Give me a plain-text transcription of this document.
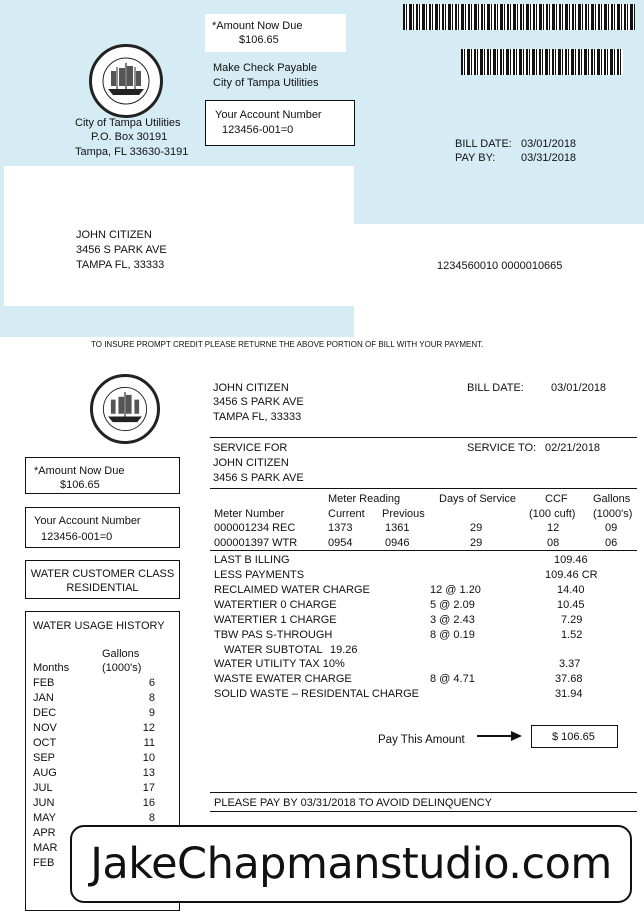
*Amount Now Due
$106.65
Make Check Payable
City of Tampa Utilities
Your Account Number
123456-001=0
City of Tampa Utilities
P.O. Box 30191
Tampa, FL 33630-3191
BILL DATE: 03/01/2018
PAY BY: 03/31/2018
JOHN CITIZEN
3456 S PARK AVE
TAMPA FL, 33333	1234560010 0000010665
TO INSURE PROMPT CREDIT PLEASE RETURNE THE ABOVE PORTION OF BILL WITH YOUR PAYMENT.
JOHN CITIZEN
3456 S PARK AVE
TAMPA FL, 33333
BILL DATE: 03/01/2018
SERVICE FOR
JOHN CITIZEN
3456 S PARK AVE
SERVICE TO: 02/21/2018
Meter Reading	Days of Service	CCF Gallons
Meter Number	Current Previous	(100 cuft) (1000's)
000001234 REC	1373	1361	29	12	09
000001397 WTR	0954	0946	29	08	06
LAST B ILLING	109.46
LESS PAYMENTS	109.46 CR
RECLAIMED WATER CHARGE	12 @ 1.20	14.40
WATERTIER 0 CHARGE	5 @ 2.09	10.45
WATERTIER 1 CHARGE	3 @ 2.43	7.29
TBW PAS S-THROUGH	8 @ 0.19	1.52
WATER SUBTOTAL 19.26
WATER UTILITY TAX 10%	3.37
WASTE EWATER CHARGE	8 @ 4.71	37.68
SOLID WASTE – RESIDENTAL CHARGE	31.94
Pay This Amount	$ 106.65
PLEASE PAY BY 03/31/2018 TO AVOID DELINQUENCY
*Amount Now Due
$106.65
Your Account Number
123456-001=0
WATER CUSTOMER CLASS
RESIDENTIAL
WATER USAGE HISTORY
Gallons
Months	(1000's)
FEB	6
JAN	8
DEC	9
NOV	12
OCT	11
SEP	10
AUG	13
JUL	17
JUN	16
MAY	8
APR
MAR
FEB JakeChapmanstudio.com
